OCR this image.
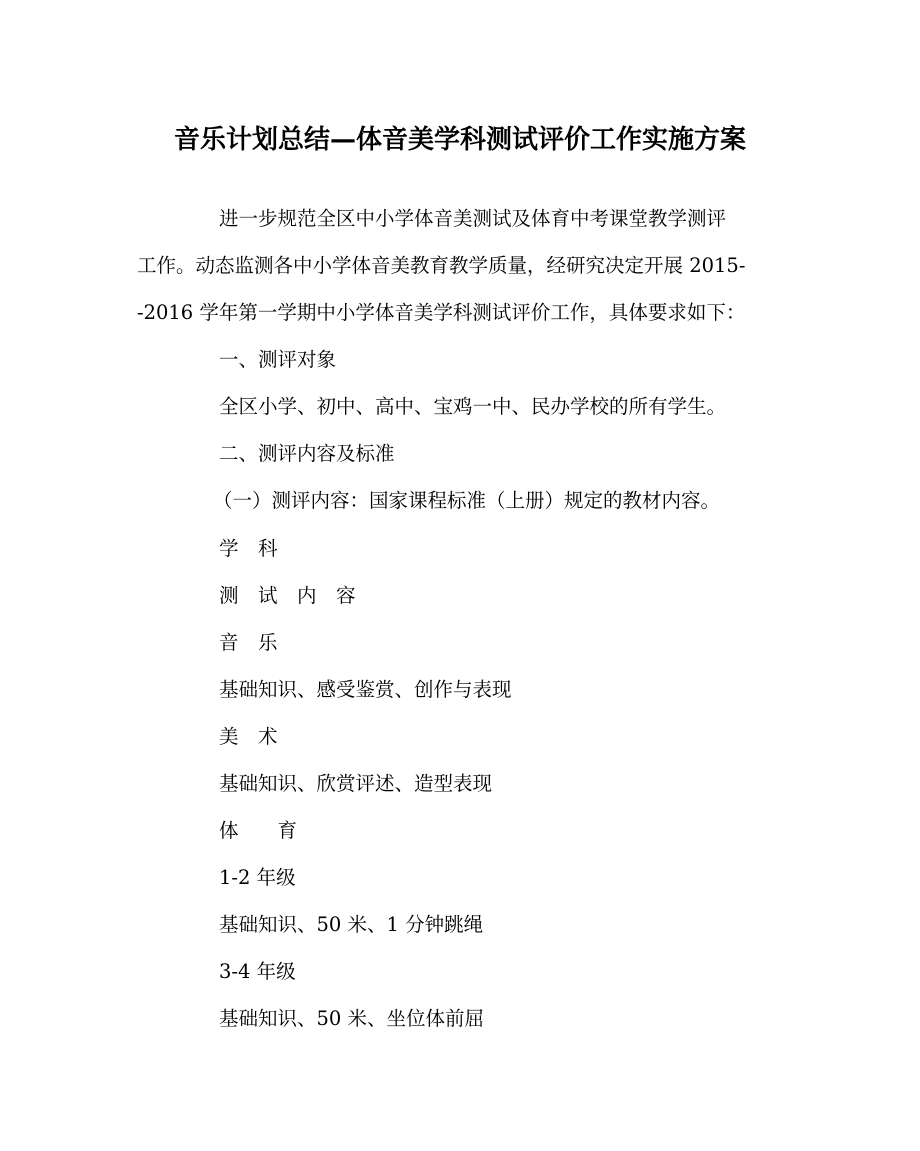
音乐计划总结—体音美学科测试评价工作实施方案
进一步规范全区中小学体音美测试及体育中考课堂教学测评
工作。动态监测各中小学体音美教育教学质量，经研究决定开展 2015-
-2016 学年第一学期中小学体音美学科测试评价工作，具体要求如下：
一、测评对象
全区小学、初中、高中、宝鸡一中、民办学校的所有学生。
二、测评内容及标准
（一）测评内容：国家课程标准（上册）规定的教材内容。
学　科
测　试　内　容
音　乐
基础知识、感受鉴赏、创作与表现
美　术
基础知识、欣赏评述、造型表现
体　　育
1-2 年级
基础知识、50 米、1 分钟跳绳
3-4 年级
基础知识、50 米、坐位体前屈
